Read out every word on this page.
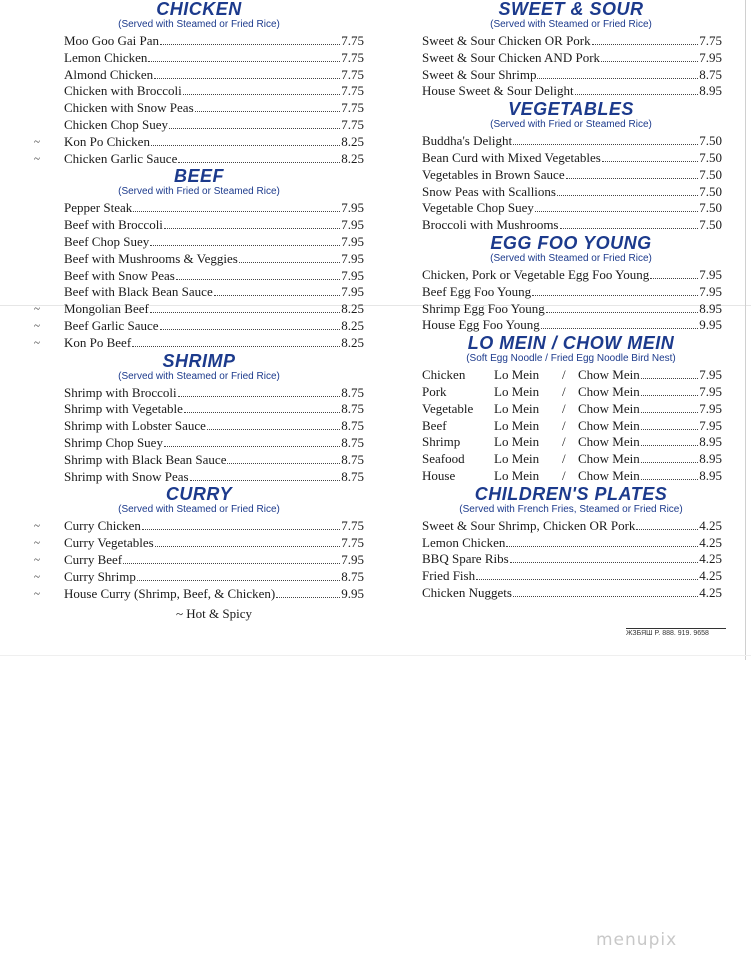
CHICKEN
(Served with Steamed or Fried Rice)
Moo Goo Gai Pan	7.75
Lemon Chicken	7.75
Almond Chicken	7.75
Chicken with Broccoli	7.75
Chicken with Snow Peas	7.75
Chicken Chop Suey	7.75
~	Kon Po Chicken	8.25
~	Chicken Garlic Sauce	8.25
BEEF
(Served with Fried or Steamed Rice)
Pepper Steak	7.95
Beef with Broccoli	7.95
Beef Chop Suey	7.95
Beef with Mushrooms & Veggies	7.95
Beef with Snow Peas	7.95
Beef with Black Bean Sauce	7.95
~	Mongolian Beef	8.25
~	Beef Garlic Sauce	8.25
~	Kon Po Beef	8.25
SHRIMP
(Served with Steamed or Fried Rice)
Shrimp with Broccoli	8.75
Shrimp with Vegetable	8.75
Shrimp with Lobster Sauce	8.75
Shrimp Chop Suey	8.75
Shrimp with Black Bean Sauce	8.75
Shrimp with Snow Peas	8.75
CURRY
(Served with Steamed or Fried Rice)
~	Curry Chicken	7.75
~	Curry Vegetables	7.75
~	Curry Beef	7.95
~	Curry Shrimp	8.75
~	House Curry (Shrimp, Beef, & Chicken)	9.95
~ Hot & Spicy
SWEET & SOUR
(Served with Steamed or Fried Rice)
Sweet & Sour Chicken OR Pork	7.75
Sweet & Sour Chicken AND Pork	7.95
Sweet & Sour Shrimp	8.75
House Sweet & Sour Delight	8.95
VEGETABLES
(Served with Fried or Steamed Rice)
Buddha's Delight	7.50
Bean Curd with Mixed Vegetables	7.50
Vegetables in Brown Sauce	7.50
Snow Peas with Scallions	7.50
Vegetable Chop Suey	7.50
Broccoli with Mushrooms	7.50
EGG FOO YOUNG
(Served with Steamed or Fried Rice)
Chicken, Pork or Vegetable Egg Foo Young	7.95
Beef Egg Foo Young	7.95
Shrimp Egg Foo Young	8.95
House Egg Foo Young	9.95
LO MEIN / CHOW MEIN
(Soft Egg Noodle / Fried Egg Noodle Bird Nest)
Chicken	Lo Mein	/ Chow Mein	7.95
Pork	Lo Mein	/ Chow Mein	7.95
Vegetable	Lo Mein	/ Chow Mein	7.95
Beef	Lo Mein	/ Chow Mein	7.95
Shrimp	Lo Mein	/ Chow Mein	8.95
Seafood	Lo Mein	/ Chow Mein	8.95
House	Lo Mein	/ Chow Mein	8.95
CHILDREN'S PLATES
(Served with French Fries, Steamed or Fried Rice)
Sweet & Sour Shrimp, Chicken OR Pork	4.25
Lemon Chicken	4.25
BBQ Spare Ribs	4.25
Fried Fish	4.25
Chicken Nuggets	4.25
ЖЗБЯШ P. 888. 919. 9658
menupix
